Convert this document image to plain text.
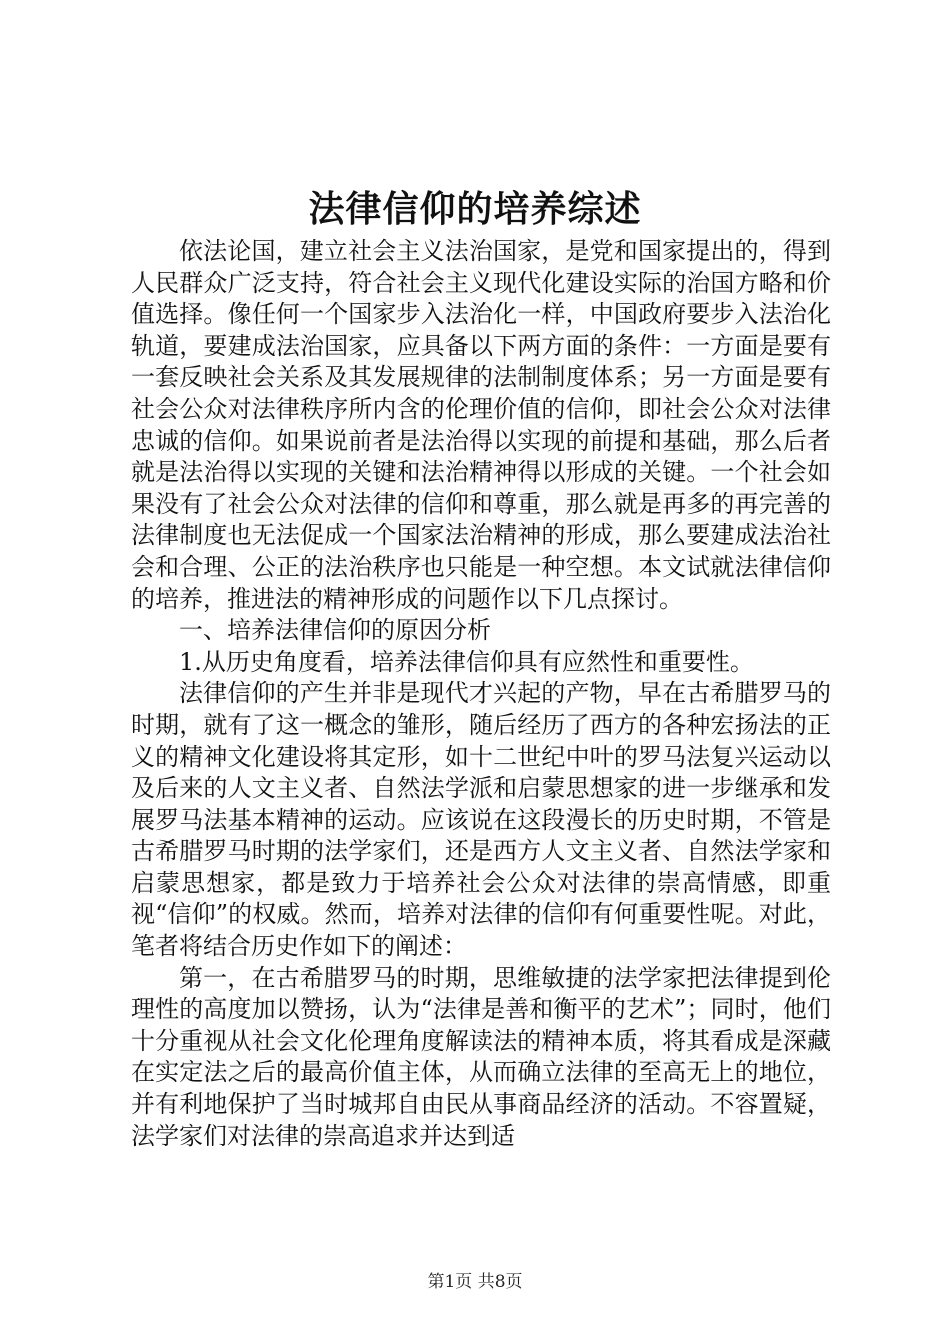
法律信仰的培养综述

依法论国，建立社会主义法治国家，是党和国家提出的，得到人民群众广泛支持，符合社会主义现代化建设实际的治国方略和价值选择。像任何一个国家步入法治化一样，中国政府要步入法治化轨道，要建成法治国家，应具备以下两方面的条件：一方面是要有一套反映社会关系及其发展规律的法制制度体系；另一方面是要有社会公众对法律秩序所内含的伦理价值的信仰，即社会公众对法律忠诚的信仰。如果说前者是法治得以实现的前提和基础，那么后者就是法治得以实现的关键和法治精神得以形成的关键。一个社会如果没有了社会公众对法律的信仰和尊重，那么就是再多的再完善的法律制度也无法促成一个国家法治精神的形成，那么要建成法治社会和合理、公正的法治秩序也只能是一种空想。本文试就法律信仰的培养，推进法的精神形成的问题作以下几点探讨。

一、培养法律信仰的原因分析

1.从历史角度看，培养法律信仰具有应然性和重要性。

法律信仰的产生并非是现代才兴起的产物，早在古希腊罗马的时期，就有了这一概念的雏形，随后经历了西方的各种宏扬法的正义的精神文化建设将其定形，如十二世纪中叶的罗马法复兴运动以及后来的人文主义者、自然法学派和启蒙思想家的进一步继承和发展罗马法基本精神的运动。应该说在这段漫长的历史时期，不管是古希腊罗马时期的法学家们，还是西方人文主义者、自然法学家和启蒙思想家，都是致力于培养社会公众对法律的崇高情感，即重视“信仰”的权威。然而，培养对法律的信仰有何重要性呢。对此，笔者将结合历史作如下的阐述：

第一，在古希腊罗马的时期，思维敏捷的法学家把法律提到伦理性的高度加以赞扬，认为“法律是善和衡平的艺术”；同时，他们十分重视从社会文化伦理角度解读法的精神本质，将其看成是深藏在实定法之后的最高价值主体，从而确立法律的至高无上的地位，并有利地保护了当时城邦自由民从事商品经济的活动。不容置疑，法学家们对法律的崇高追求并达到适

第1页 共8页
